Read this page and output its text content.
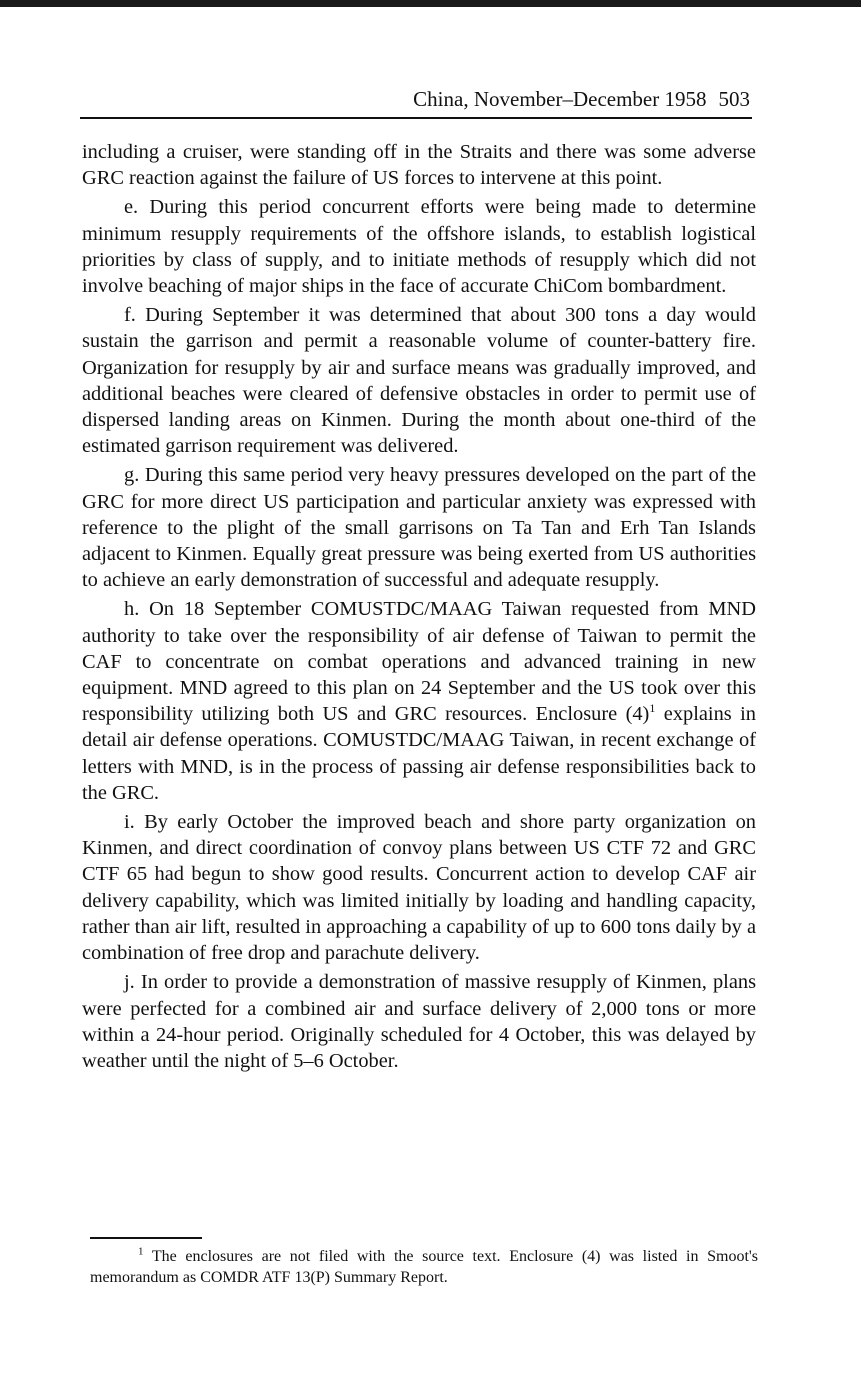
China, November–December 1958 503

including a cruiser, were standing off in the Straits and there was some adverse GRC reaction against the failure of US forces to intervene at this point.

e. During this period concurrent efforts were being made to determine minimum resupply requirements of the offshore islands, to establish logistical priorities by class of supply, and to initiate methods of resupply which did not involve beaching of major ships in the face of accurate ChiCom bombardment.

f. During September it was determined that about 300 tons a day would sustain the garrison and permit a reasonable volume of counter-battery fire. Organization for resupply by air and surface means was gradually improved, and additional beaches were cleared of defensive obstacles in order to permit use of dispersed landing areas on Kinmen. During the month about one-third of the estimated garrison requirement was delivered.

g. During this same period very heavy pressures developed on the part of the GRC for more direct US participation and particular anxiety was expressed with reference to the plight of the small garrisons on Ta Tan and Erh Tan Islands adjacent to Kinmen. Equally great pressure was being exerted from US authorities to achieve an early demonstration of successful and adequate resupply.

h. On 18 September COMUSTDC/MAAG Taiwan requested from MND authority to take over the responsibility of air defense of Taiwan to permit the CAF to concentrate on combat operations and advanced training in new equipment. MND agreed to this plan on 24 September and the US took over this responsibility utilizing both US and GRC resources. Enclosure (4)$^1$ explains in detail air defense operations. COMUSTDC/MAAG Taiwan, in recent exchange of letters with MND, is in the process of passing air defense responsibilities back to the GRC.

i. By early October the improved beach and shore party organization on Kinmen, and direct coordination of convoy plans between US CTF 72 and GRC CTF 65 had begun to show good results. Concurrent action to develop CAF air delivery capability, which was limited initially by loading and handling capacity, rather than air lift, resulted in approaching a capability of up to 600 tons daily by a combination of free drop and parachute delivery.

j. In order to provide a demonstration of massive resupply of Kinmen, plans were perfected for a combined air and surface delivery of 2,000 tons or more within a 24-hour period. Originally scheduled for 4 October, this was delayed by weather until the night of 5–6 October.

$^1$ The enclosures are not filed with the source text. Enclosure (4) was listed in Smoot's memorandum as COMDR ATF 13(P) Summary Report.
